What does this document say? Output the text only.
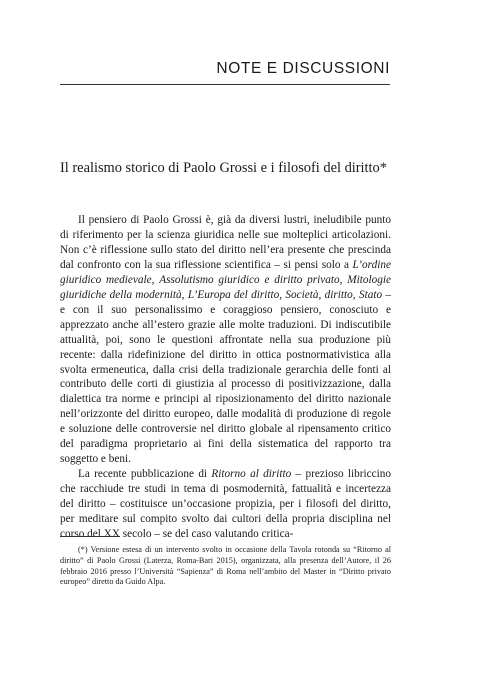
NOTE E DISCUSSIONI
Il realismo storico di Paolo Grossi e i filosofi del diritto*

Il pensiero di Paolo Grossi è, già da diversi lustri, ineludibile punto di riferimento per la scienza giuridica nelle sue molteplici articolazioni. Non c’è riflessione sullo stato del diritto nell’era presente che prescinda dal confronto con la sua riflessione scientifica – si pensi solo a L’ordine giuridico medievale, Assolutismo giuridico e diritto privato, Mitologie giuridiche della modernità, L’Europa del diritto, Società, diritto, Stato – e con il suo personalissimo e coraggioso pensiero, conosciuto e apprezzato anche all’estero grazie alle molte traduzioni. Di indiscutibile attualità, poi, sono le questioni affrontate nella sua produzione più recente: dalla ridefinizione del diritto in ottica postnormativistica alla svolta ermeneutica, dalla crisi della tradizionale gerarchia delle fonti al contributo delle corti di giustizia al processo di positivizzazione, dalla dialettica tra norme e principi al riposizionamento del diritto nazionale nell’orizzonte del diritto europeo, dalle modalità di produzione di regole e soluzione delle controversie nel diritto globale al ripensamento critico del paradigma proprietario ai fini della sistematica del rapporto tra soggetto e beni.

La recente pubblicazione di Ritorno al diritto – prezioso libriccino che racchiude tre studi in tema di posmodernità, fattualità e incertezza del diritto – costituisce un’occasione propizia, per i filosofi del diritto, per meditare sul compito svolto dai cultori della propria disciplina nel corso del XX secolo – se del caso valutando critica-

(*) Versione estesa di un intervento svolto in occasione della Tavola rotonda su “Ritorno al diritto” di Paolo Grossi (Laterza, Roma-Bari 2015), organizzata, alla presenza dell’Autore, il 26 febbraio 2016 presso l’Università “Sapienza” di Roma nell’ambito del Master in “Diritto privato europeo” diretto da Guido Alpa.
